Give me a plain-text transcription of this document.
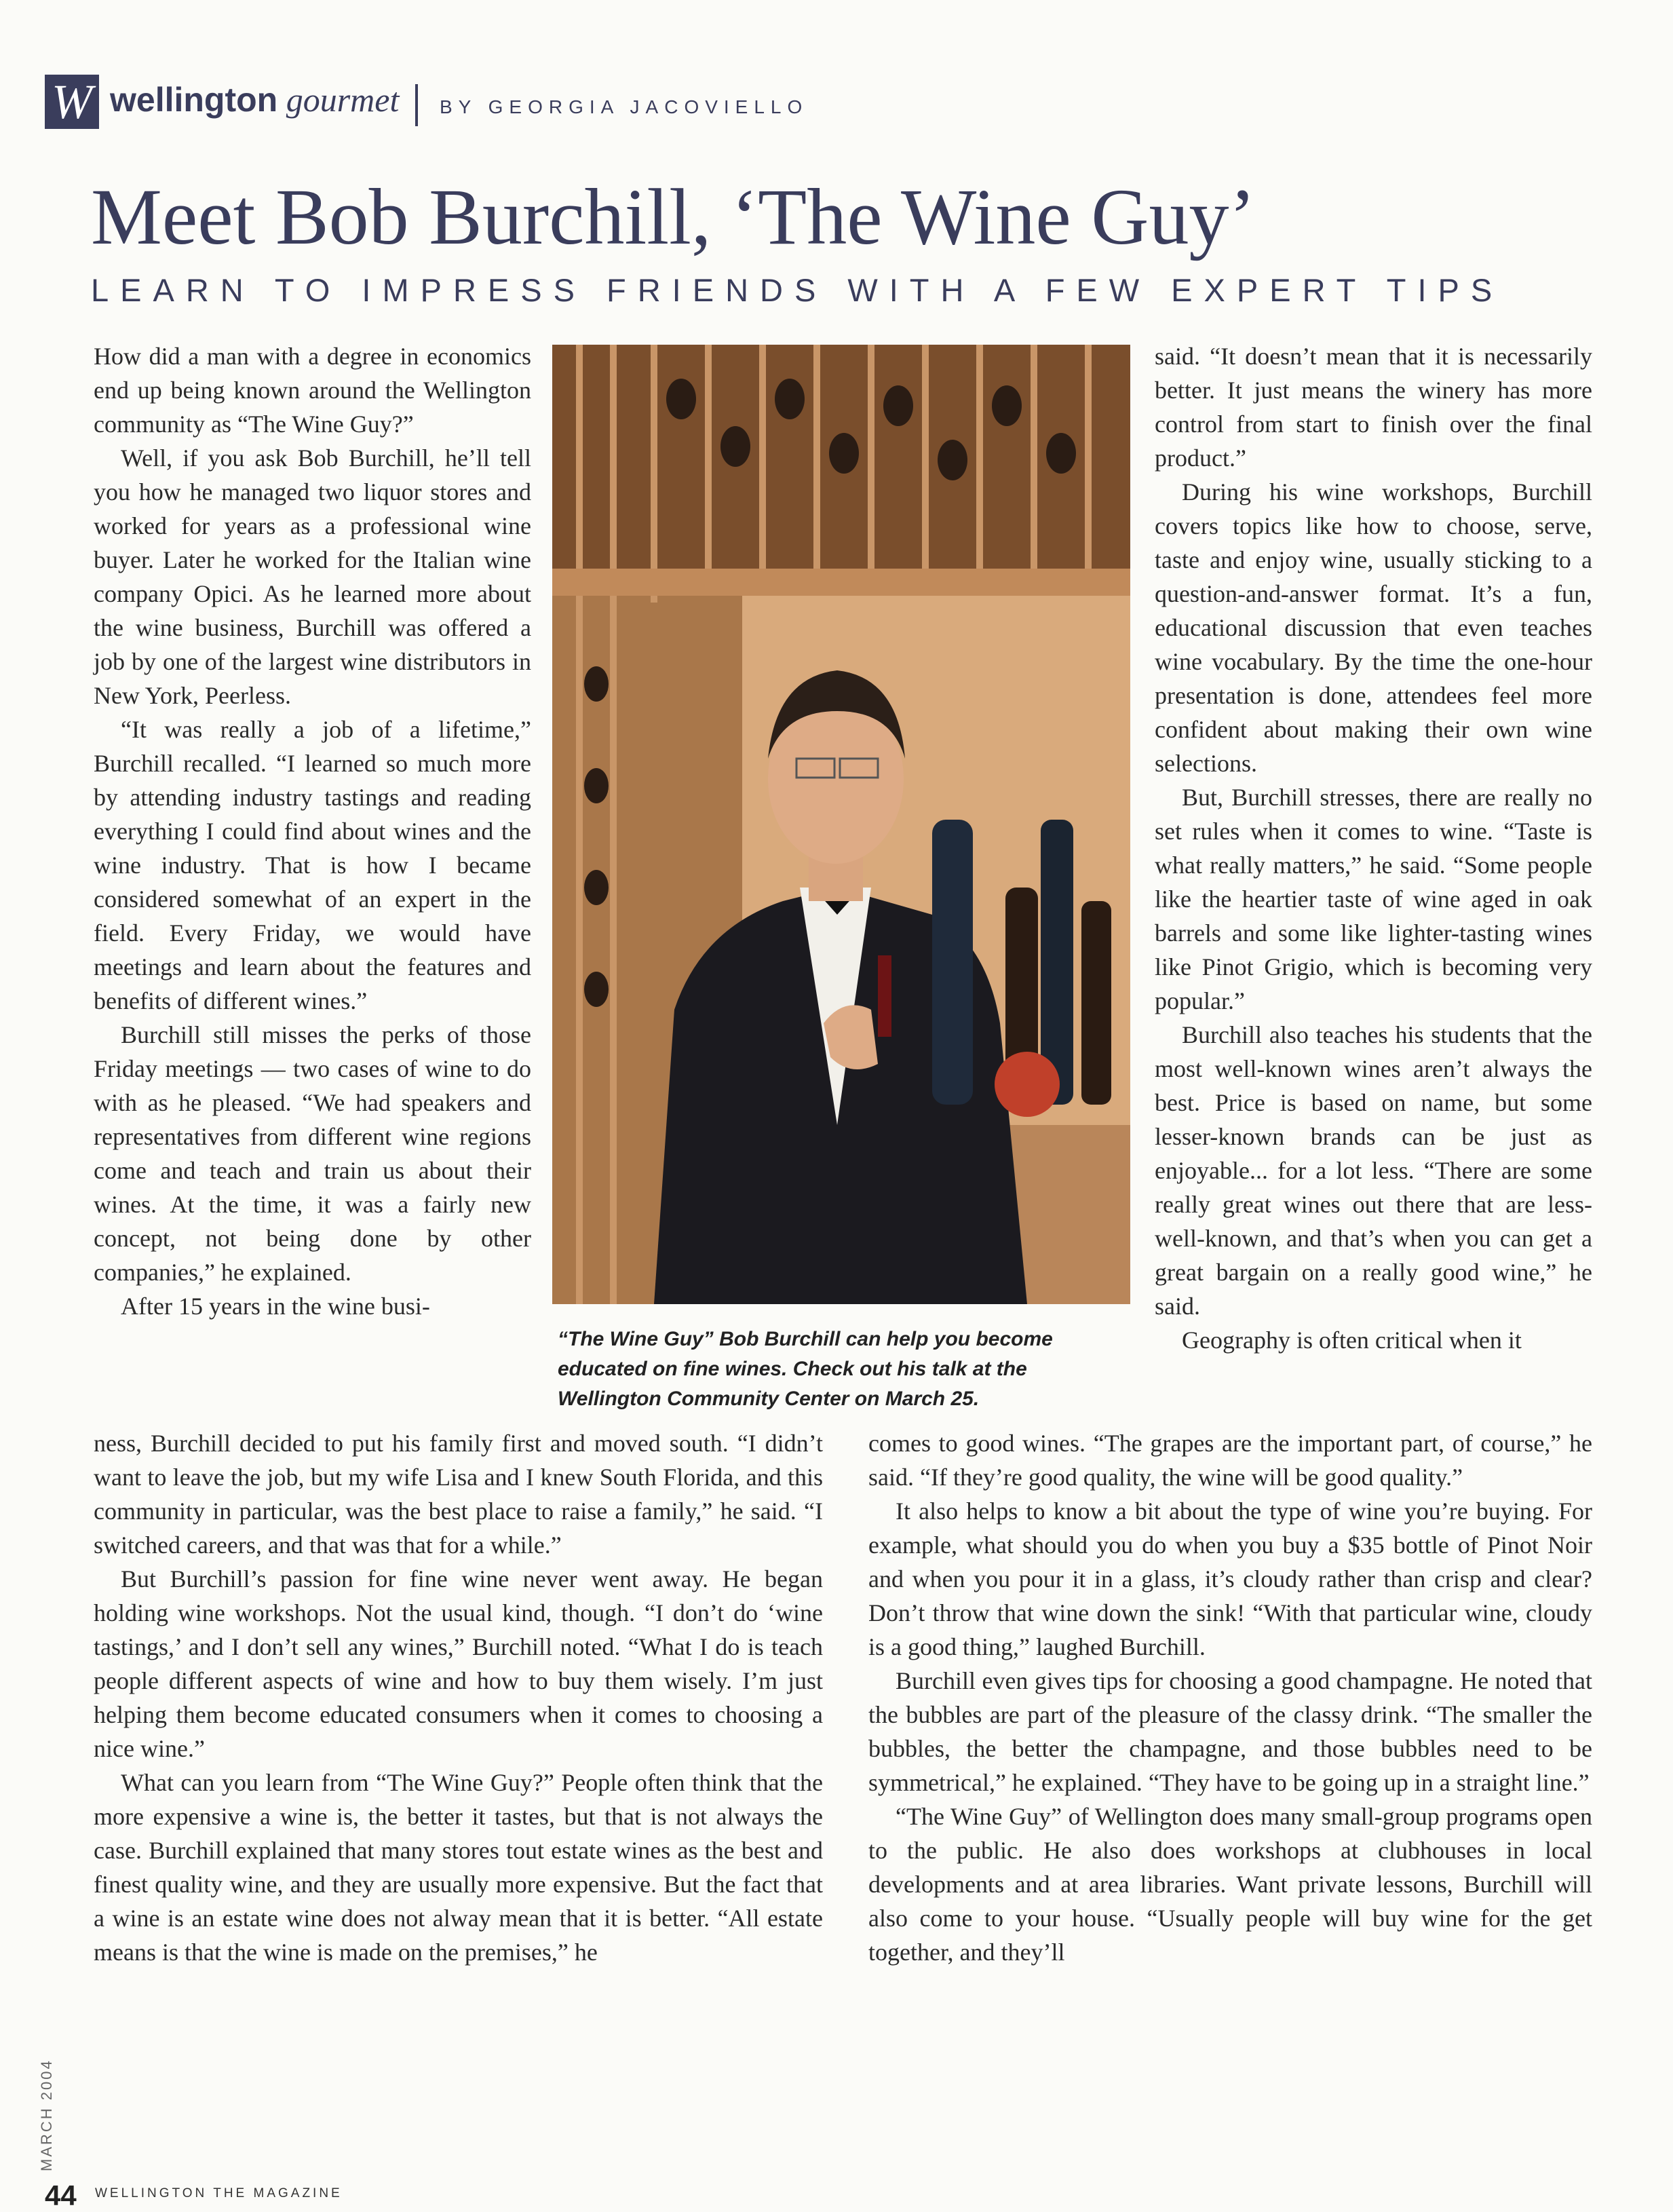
W wellington gourmet BY GEORGIA JACOVIELLO
Meet Bob Burchill, ‘The Wine Guy’
LEARN TO IMPRESS FRIENDS WITH A FEW EXPERT TIPS

How did a man with a degree in economics end up being known around the Wellington community as “The Wine Guy?”

Well, if you ask Bob Burchill, he’ll tell you how he managed two liquor stores and worked for years as a professional wine buyer. Later he worked for the Italian wine company Opici. As he learned more about the wine business, Burchill was offered a job by one of the largest wine distributors in New York, Peerless.

“It was really a job of a lifetime,” Burchill recalled. “I learned so much more by attending industry tastings and reading everything I could find about wines and the wine industry. That is how I became considered somewhat of an expert in the field. Every Friday, we would have meetings and learn about the features and benefits of different wines.”

Burchill still misses the perks of those Friday meetings — two cases of wine to do with as he pleased. “We had speakers and representatives from different wine regions come and teach and train us about their wines. At the time, it was a fairly new concept, not being done by other companies,” he explained.

After 15 years in the wine busi-

“The Wine Guy” Bob Burchill can help you become educated on fine wines. Check out his talk at the Wellington Community Center on March 25.

said. “It doesn’t mean that it is necessarily better. It just means the winery has more control from start to finish over the final product.”

During his wine workshops, Burchill covers topics like how to choose, serve, taste and enjoy wine, usually sticking to a question-and-answer format. It’s a fun, educational discussion that even teaches wine vocabulary. By the time the one-hour presentation is done, attendees feel more confident about making their own wine selections.

But, Burchill stresses, there are really no set rules when it comes to wine. “Taste is what really matters,” he said. “Some people like the heartier taste of wine aged in oak barrels and some like lighter-tasting wines like Pinot Grigio, which is becoming very popular.”

Burchill also teaches his students that the most well-known wines aren’t always the best. Price is based on name, but some lesser-known brands can be just as enjoyable... for a lot less. “There are some really great wines out there that are less-well-known, and that’s when you can get a great bargain on a really good wine,” he said.

Geography is often critical when it

ness, Burchill decided to put his family first and moved south. “I didn’t want to leave the job, but my wife Lisa and I knew South Florida, and this community in particular, was the best place to raise a family,” he said. “I switched careers, and that was that for a while.”

But Burchill’s passion for fine wine never went away. He began holding wine workshops. Not the usual kind, though. “I don’t do ‘wine tastings,’ and I don’t sell any wines,” Burchill noted. “What I do is teach people different aspects of wine and how to buy them wisely. I’m just helping them become educated consumers when it comes to choosing a nice wine.”

What can you learn from “The Wine Guy?” People often think that the more expensive a wine is, the better it tastes, but that is not always the case. Burchill explained that many stores tout estate wines as the best and finest quality wine, and they are usually more expensive. But the fact that a wine is an estate wine does not alway mean that it is better. “All estate means is that the wine is made on the premises,” he

comes to good wines. “The grapes are the important part, of course,” he said. “If they’re good quality, the wine will be good quality.”

It also helps to know a bit about the type of wine you’re buying. For example, what should you do when you buy a $35 bottle of Pinot Noir and when you pour it in a glass, it’s cloudy rather than crisp and clear? Don’t throw that wine down the sink! “With that particular wine, cloudy is a good thing,” laughed Burchill.

Burchill even gives tips for choosing a good champagne. He noted that the bubbles are part of the pleasure of the classy drink. “The smaller the bubbles, the better the champagne, and those bubbles need to be symmetrical,” he explained. “They have to be going up in a straight line.”

“The Wine Guy” of Wellington does many small-group programs open to the public. He also does workshops at clubhouses in local developments and at area libraries. Want private lessons, Burchill will also come to your house. “Usually people will buy wine for the get together, and they’ll

MARCH 2004
44 WELLINGTON THE MAGAZINE
